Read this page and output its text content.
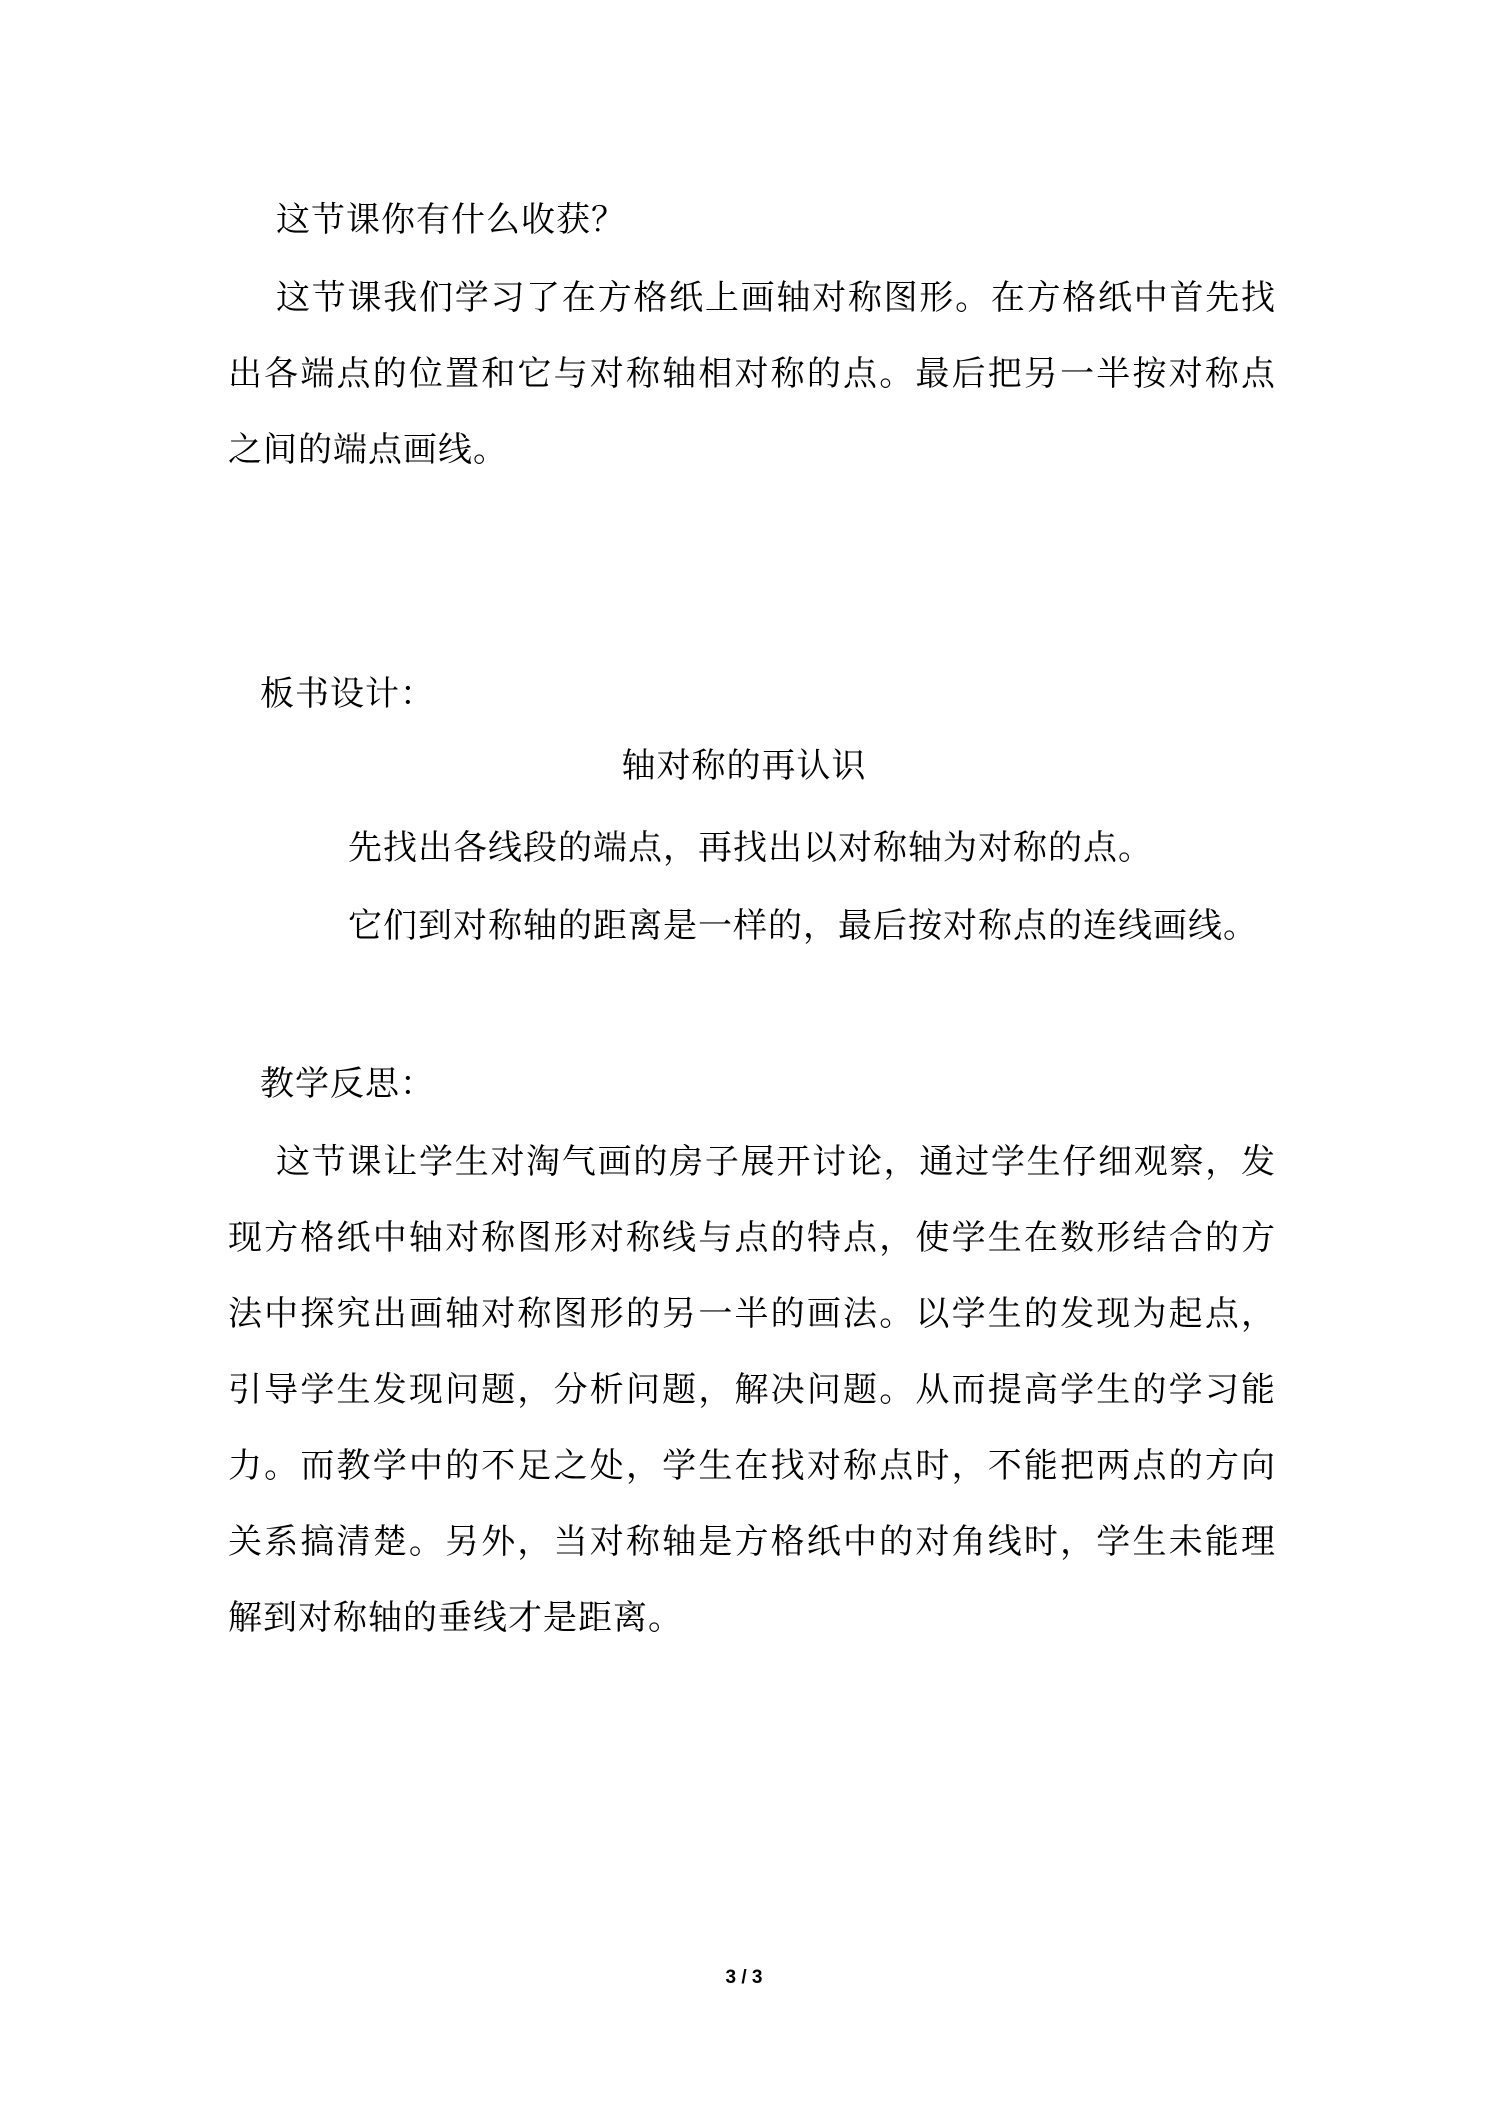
这节课你有什么收获？
这节课我们学习了在方格纸上画轴对称图形。在方格纸中首先找出各端点的位置和它与对称轴相对称的点。最后把另一半按对称点之间的端点画线。
板书设计：
轴对称的再认识
先找出各线段的端点，再找出以对称轴为对称的点。
它们到对称轴的距离是一样的，最后按对称点的连线画线。
教学反思：
这节课让学生对淘气画的房子展开讨论，通过学生仔细观察，发现方格纸中轴对称图形对称线与点的特点，使学生在数形结合的方法中探究出画轴对称图形的另一半的画法。以学生的发现为起点，引导学生发现问题，分析问题，解决问题。从而提高学生的学习能力。而教学中的不足之处，学生在找对称点时，不能把两点的方向关系搞清楚。另外，当对称轴是方格纸中的对角线时，学生未能理解到对称轴的垂线才是距离。
3 / 3
